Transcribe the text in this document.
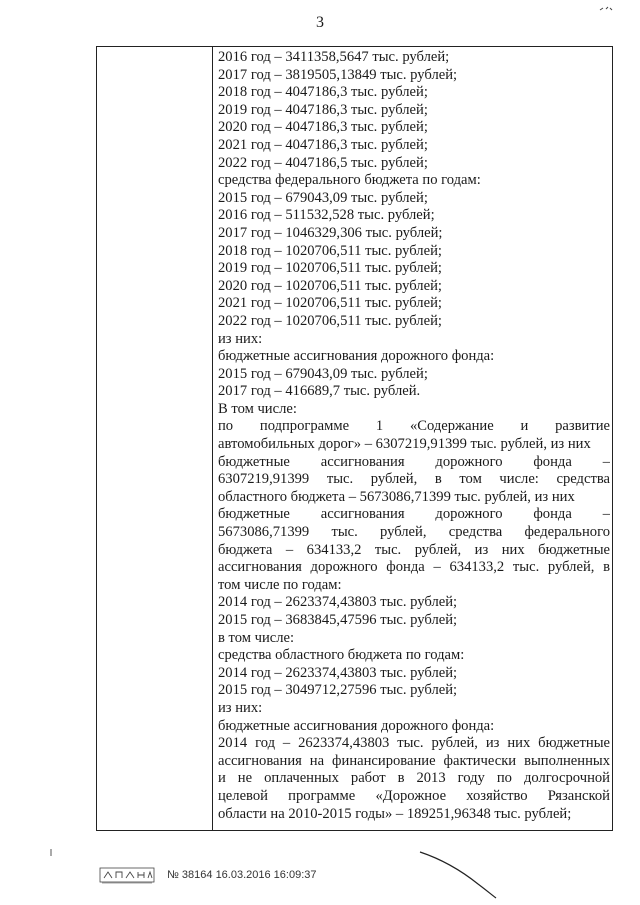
3
2016 год – 3411358,5647 тыс. рублей;
2017 год – 3819505,13849 тыс. рублей;
2018 год – 4047186,3 тыс. рублей;
2019 год – 4047186,3 тыс. рублей;
2020 год – 4047186,3 тыс. рублей;
2021 год – 4047186,3 тыс. рублей;
2022 год – 4047186,5 тыс. рублей;
средства федерального бюджета по годам:
2015 год – 679043,09 тыс. рублей;
2016 год – 511532,528 тыс. рублей;
2017 год – 1046329,306 тыс. рублей;
2018 год – 1020706,511 тыс. рублей;
2019 год – 1020706,511 тыс. рублей;
2020 год – 1020706,511 тыс. рублей;
2021 год – 1020706,511 тыс. рублей;
2022 год – 1020706,511 тыс. рублей;
из них:
бюджетные ассигнования дорожного фонда:
2015 год – 679043,09 тыс. рублей;
2017 год – 416689,7 тыс. рублей.
В том числе:
по подпрограмме 1 «Содержание и развитие
автомобильных дорог» – 6307219,91399 тыс. рублей, из них
бюджетные ассигнования дорожного фонда –
6307219,91399 тыс. рублей, в том числе: средства
областного бюджета – 5673086,71399 тыс. рублей, из них
бюджетные ассигнования дорожного фонда –
5673086,71399 тыс. рублей, средства федерального
бюджета – 634133,2 тыс. рублей, из них бюджетные
ассигнования дорожного фонда – 634133,2 тыс. рублей, в
том числе по годам:
2014 год – 2623374,43803 тыс. рублей;
2015 год – 3683845,47596 тыс. рублей;
в том числе:
средства областного бюджета по годам:
2014 год – 2623374,43803 тыс. рублей;
2015 год – 3049712,27596 тыс. рублей;
из них:
бюджетные ассигнования дорожного фонда:
2014 год – 2623374,43803 тыс. рублей, из них бюджетные
ассигнования на финансирование фактически выполненных
и не оплаченных работ в 2013 году по долгосрочной
целевой программе «Дорожное хозяйство Рязанской
области на 2010-2015 годы» – 189251,96348 тыс. рублей;
№ 38164 16.03.2016 16:09:37
